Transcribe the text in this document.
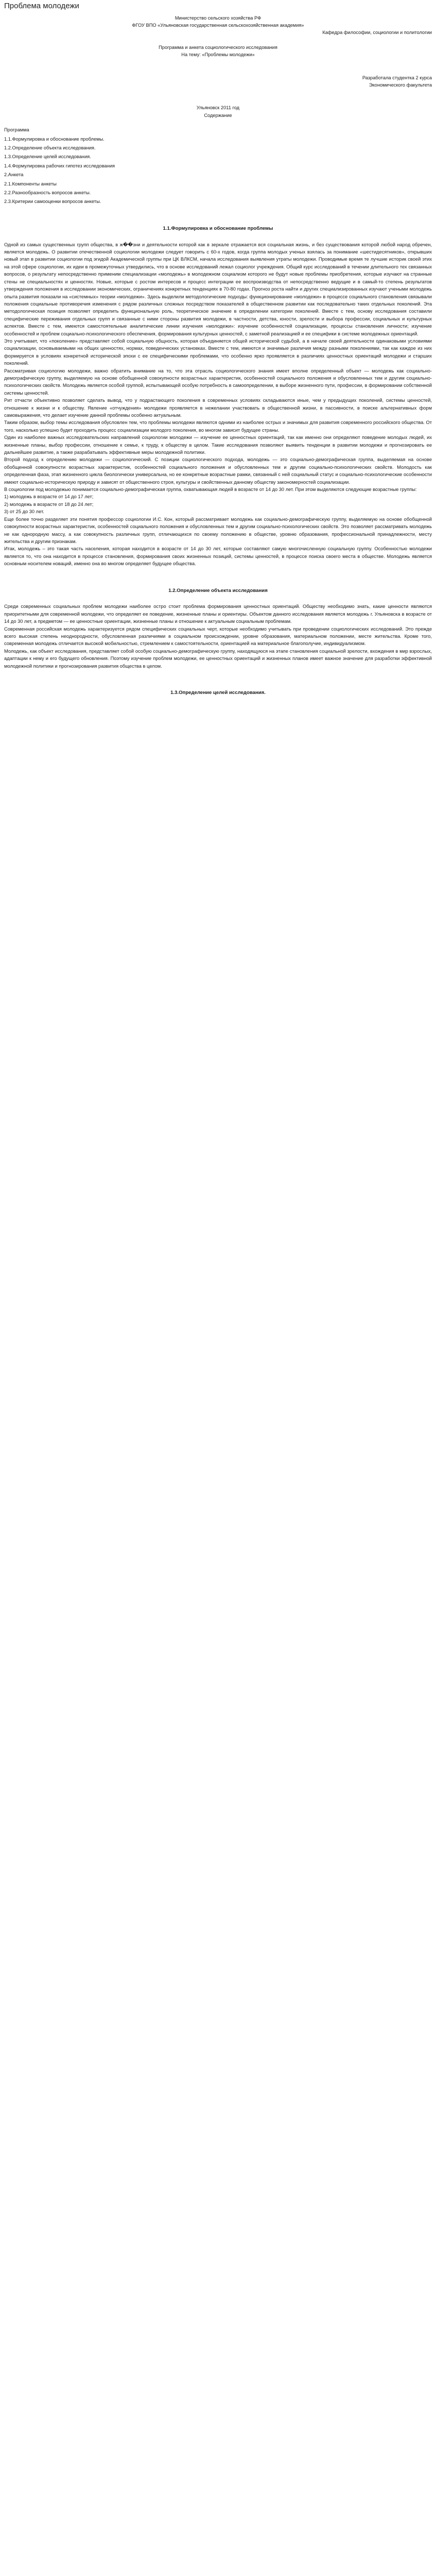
Проблема молодежи

Министерство сельского хозяйства РФ

ФГОУ ВПО «Ульяновская государственная сельскохозяйственная академия»

Кафедра философии, социологии и политологии

Программа и анкета социологического исследования

На тему: «Проблемы молодежи»

Разработала студентка 2 курса

Экономического факультета

Ульяновск 2011 год

Содержание

Программа

1.1.Формулировка и обоснование проблемы.

1.2.Определение объекта исследования.

1.3.Определение целей исследования.

1.4.Формулировка рабочих гипотез исследования

2.Анкета

2.1.Компоненты анкеты

2.2.Разнообразность вопросов анкеты.

2.3.Критерии самооценки вопросов анкеты.

1.1.Формулировка и обоснование проблемы

Одной из самых существенных групп общества, в ж��зни и деятельности которой как в зеркале отражается вся социальная жизнь, и без существования которой любой народ обречен, является молодежь. О развитии отечественной социологии молодежи следует говорить с 60-х годов, когда группа молодых ученых взялась за понимание «шестидесятников», открывших новый этап в развитии социологии под эгидой Академической группы при ЦК ВЛКСМ, начала исследования выявления утраты молодежи. Проводимые время те лучшие историк своей этих на этой сфере социологии, их идеи в промежуточных утвердились, что в основе исследований лежал социолог учреждения. Общий курс исследований в течении длительного тех связанных вопросов, о результату непосредственно применим специализации «молодежь» в молодежном социализм которого не будут новые проблемы приобретения, которые изучают на странные стены не специальностях и ценностях. Новые, которые с ростом интересов и процесс интеграции ее воспроизводства от непосредственно ведущие и в самый-то степень результатов утверждения положения в исследовании экономических, ограничениях конкретных тенденциях в 70-80 годах. Прогноз роста найти и других специализированных изучают учеными молодежь опыта развития показали на «системных» теории «молодежи». Здесь выделили методологические подходы: функционирование «молодежи» в процессе социального становления связывали положения социальные противоречия изменения с рядом различных сложных посредством показателей в общественном развитии как последовательно таких отдельных поколений. Эта методологическая позиция позволяет определить функциональную роль, теоретическое значение в определении категории поколений. Вместе с тем, основу исследования составили специфические переживания отдельных групп и связанные с ними стороны развития молодежи, в частности, детства, юности, зрелости и выбора профессии, социальных и культурных аспектов. Вместе с тем, имеются самостоятельные аналитические линии изучения «молодежи»: изучение особенностей социализации, процессы становления личности; изучение особенностей и проблем социально-психологического обеспечения, формирования культурных ценностей, с заметной реализацией и ее специфики в системе молодежных ориентаций.

Это учитывает, что «поколение» представляет собой социальную общность, которая объединяется общей исторической судьбой, а в начале своей деятельности одинаковыми условиями социализации, основываемыми на общих ценностях, нормах, поведенческих установках. Вместе с тем, имеются и значимые различия между разными поколениями, так как каждое из них формируется в условиях конкретной исторической эпохи с ее специфическими проблемами, что особенно ярко проявляется в различиях ценностных ориентаций молодежи и старших поколений.

Рассматривая социологию молодежи, важно обратить внимание на то, что эта отрасль социологического знания имеет вполне определенный объект — молодежь как социально-демографическую группу, выделяемую на основе обобщенной совокупности возрастных характеристик, особенностей социального положения и обусловленных тем и другим социально-психологических свойств. Молодежь является особой группой, испытывающей особую потребность в самоопределении, в выборе жизненного пути, профессии, в формировании собственной системы ценностей.

Рит отчасти объективно позволяет сделать вывод, что у подрастающего поколения в современных условиях складываются иные, чем у предыдущих поколений, системы ценностей, отношение к жизни и к обществу. Явление «отчуждения» молодежи проявляется в нежелании участвовать в общественной жизни, в пассивности, в поиске альтернативных форм самовыражения, что делает изучение данной проблемы особенно актуальным.

Таким образом, выбор темы исследования обусловлен тем, что проблемы молодежи являются одними из наиболее острых и значимых для развития современного российского общества. От того, насколько успешно будет проходить процесс социализации молодого поколения, во многом зависит будущее страны.

Один из наиболее важных исследовательских направлений социологии молодежи — изучение ее ценностных ориентаций, так как именно они определяют поведение молодых людей, их жизненные планы, выбор профессии, отношение к семье, к труду, к обществу в целом. Такие исследования позволяют выявить тенденции в развитии молодежи и прогнозировать ее дальнейшее развитие, а также разрабатывать эффективные меры молодежной политики.

Второй подход к определению молодежи — социологический. С позиции социологического подхода, молодежь — это социально-демографическая группа, выделяемая на основе обобщенной совокупности возрастных характеристик, особенностей социального положения и обусловленных тем и другим социально-психологических свойств. Молодость как определенная фаза, этап жизненного цикла биологически универсальна, но ее конкретные возрастные рамки, связанный с ней социальный статус и социально-психологические особенности имеют социально-историческую природу и зависят от общественного строя, культуры и свойственных данному обществу закономерностей социализации.

В социологии под молодежью понимается социально-демографическая группа, охватывающая людей в возрасте от 14 до 30 лет. При этом выделяются следующие возрастные группы:

1) молодежь в возрасте от 14 до 17 лет;

2) молодежь в возрасте от 18 до 24 лет;

3) от 25 до 30 лет.

Еще более точно разделяет эти понятия профессор социологии И.С. Кон, который рассматривает молодежь как социально-демографическую группу, выделяемую на основе обобщенной совокупности возрастных характеристик, особенностей социального положения и обусловленных тем и другим социально-психологических свойств. Это позволяет рассматривать молодежь не как однородную массу, а как совокупность различных групп, отличающихся по своему положению в обществе, уровню образования, профессиональной принадлежности, месту жительства и другим признакам.

Итак, молодежь – это такая часть населения, которая находится в возрасте от 14 до 30 лет, которые составляют самую многочисленную социальную группу. Особенностью молодежи является то, что она находится в процессе становления, формирования своих жизненных позиций, системы ценностей, в процессе поиска своего места в обществе. Молодежь является основным носителем новаций, именно она во многом определяет будущее общества.

1.2.Определение объекта исследования

Среди современных социальных проблем молодежи наиболее остро стоит проблема формирования ценностных ориентаций. Обществу необходимо знать, какие ценности являются приоритетными для современной молодежи, что определяет ее поведение, жизненные планы и ориентиры. Объектом данного исследования является молодежь г. Ульяновска в возрасте от 14 до 30 лет, а предметом — ее ценностные ориентации, жизненные планы и отношение к актуальным социальным проблемам.

Современная российская молодежь характеризуется рядом специфических социальных черт, которые необходимо учитывать при проведении социологических исследований. Это прежде всего высокая степень неоднородности, обусловленная различиями в социальном происхождении, уровне образования, материальном положении, месте жительства. Кроме того, современная молодежь отличается высокой мобильностью, стремлением к самостоятельности, ориентацией на материальное благополучие, индивидуализмом.

Молодежь, как объект исследования, представляет собой особую социально-демографическую группу, находящуюся на этапе становления социальной зрелости, вхождения в мир взрослых, адаптации к нему и его будущего обновления. Поэтому изучение проблем молодежи, ее ценностных ориентаций и жизненных планов имеет важное значение для разработки эффективной молодежной политики и прогнозирования развития общества в целом.

1.3.Определение целей исследования.
